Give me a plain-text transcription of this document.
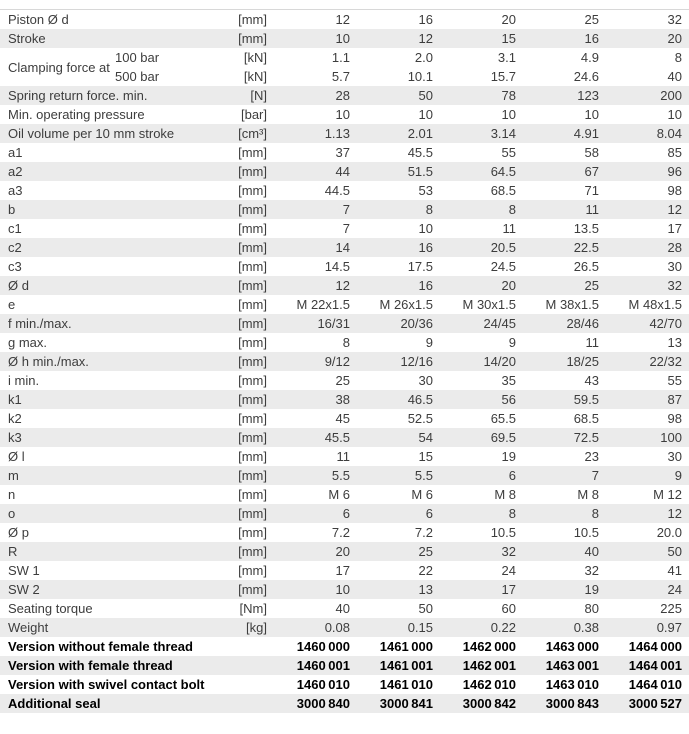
Piston Ø d	[mm]	12	16	20	25	32
Stroke	[mm]	10	12	15	16	20
Clamping force at
100 bar	[kN]	1.1	2.0	3.1	4.9	8
500 bar	[kN]	5.7	10.1	15.7	24.6	40
Spring return force. min.	[N]	28	50	78	123	200
Min. operating pressure	[bar]	10	10	10	10	10
Oil volume per 10 mm stroke	[cm³]	1.13	2.01	3.14	4.91	8.04
a1	[mm]	37	45.5	55	58	85
a2	[mm]	44	51.5	64.5	67	96
a3	[mm]	44.5	53	68.5	71	98
b	[mm]	7	8	8	11	12
c1	[mm]	7	10	11	13.5	17
c2	[mm]	14	16	20.5	22.5	28
c3	[mm]	14.5	17.5	24.5	26.5	30
Ø d	[mm]	12	16	20	25	32
e	[mm]	M 22x1.5	M 26x1.5	M 30x1.5	M 38x1.5	M 48x1.5
f min./max.	[mm]	16/31	20/36	24/45	28/46	42/70
g max.	[mm]	8	9	9	11	13
Ø h min./max.	[mm]	9/12	12/16	14/20	18/25	22/32
i min.	[mm]	25	30	35	43	55
k1	[mm]	38	46.5	56	59.5	87
k2	[mm]	45	52.5	65.5	68.5	98
k3	[mm]	45.5	54	69.5	72.5	100
Ø l	[mm]	11	15	19	23	30
m	[mm]	5.5	5.5	6	7	9
n	[mm]	M 6	M 6	M 8	M 8	M 12
o	[mm]	6	6	8	8	12
Ø p	[mm]	7.2	7.2	10.5	10.5	20.0
R	[mm]	20	25	32	40	50
SW 1	[mm]	17	22	24	32	41
SW 2	[mm]	10	13	17	19	24
Seating torque	[Nm]	40	50	60	80	225
Weight	[kg]	0.08	0.15	0.22	0.38	0.97
Version without female thread	1460 000	1461 000	1462 000	1463 000	1464 000
Version with female thread	1460 001	1461 001	1462 001	1463 001	1464 001
Version with swivel contact bolt	1460 010	1461 010	1462 010	1463 010	1464 010
Additional seal	3000 840	3000 841	3000 842	3000 843	3000 527
